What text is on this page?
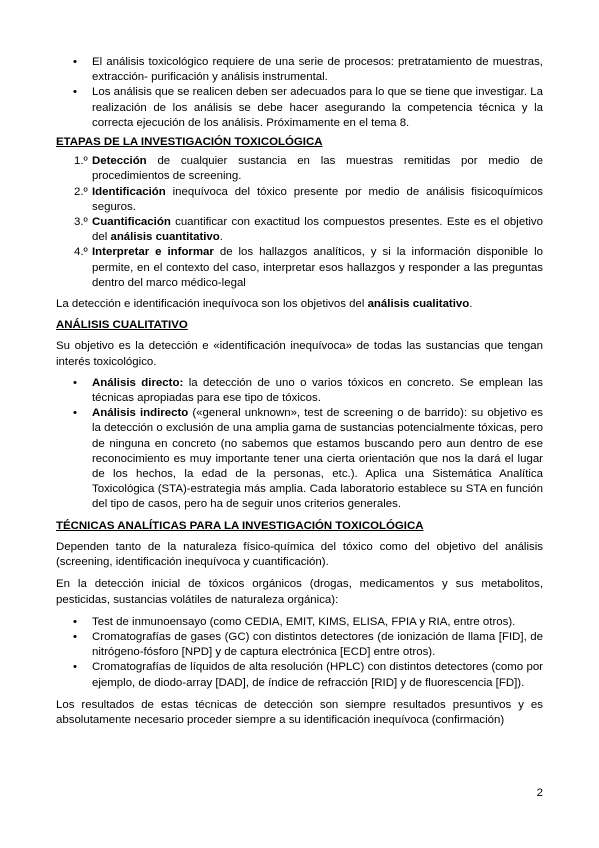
• El análisis toxicológico requiere de una serie de procesos: pretratamiento de muestras, extracción- purificación y análisis instrumental.
• Los análisis que se realicen deben ser adecuados para lo que se tiene que investigar. La realización de los análisis se debe hacer asegurando la competencia técnica y la correcta ejecución de los análisis. Próximamente en el tema 8.
ETAPAS DE LA INVESTIGACIÓN TOXICOLÓGICA
1.º Detección de cualquier sustancia en las muestras remitidas por medio de procedimientos de screening.
2.º Identificación inequívoca del tóxico presente por medio de análisis fisicoquímicos seguros.
3.º Cuantificación cuantificar con exactitud los compuestos presentes. Este es el objetivo del análisis cuantitativo.
4.º Interpretar e informar de los hallazgos analíticos, y si la información disponible lo permite, en el contexto del caso, interpretar esos hallazgos y responder a las preguntas dentro del marco médico-legal

La detección e identificación inequívoca son los objetivos del análisis cualitativo.

ANÁLISIS CUALITATIVO

Su objetivo es la detección e «identificación inequívoca» de todas las sustancias que tengan interés toxicológico.

• Análisis directo: la detección de uno o varios tóxicos en concreto. Se emplean las técnicas apropiadas para ese tipo de tóxicos.
• Análisis indirecto («general unknown», test de screening o de barrido): su objetivo es la detección o exclusión de una amplia gama de sustancias potencialmente tóxicas, pero de ninguna en concreto (no sabemos que estamos buscando pero aun dentro de ese reconocimiento es muy importante tener una cierta orientación que nos la dará el lugar de los hechos, la edad de la personas, etc.). Aplica una Sistemática Analítica Toxicológica (STA)-estrategia más amplia. Cada laboratorio establece su STA en función del tipo de casos, pero ha de seguir unos criterios generales.
TÉCNICAS ANALÍTICAS PARA LA INVESTIGACIÓN TOXICOLÓGICA

Dependen tanto de la naturaleza físico-química del tóxico como del objetivo del análisis (screening, identificación inequívoca y cuantificación).

En la detección inicial de tóxicos orgánicos (drogas, medicamentos y sus metabolitos, pesticidas, sustancias volátiles de naturaleza orgánica):

• Test de inmunoensayo (como CEDIA, EMIT, KIMS, ELISA, FPIA y RIA, entre otros).
• Cromatografías de gases (GC) con distintos detectores (de ionización de llama [FID], de nitrógeno-fósforo [NPD] y de captura electrónica [ECD] entre otros).
• Cromatografías de líquidos de alta resolución (HPLC) con distintos detectores (como por ejemplo, de diodo-array [DAD], de índice de refracción [RID] y de fluorescencia [FD]).

Los resultados de estas técnicas de detección son siempre resultados presuntivos y es absolutamente necesario proceder siempre a su identificación inequívoca (confirmación)

2
